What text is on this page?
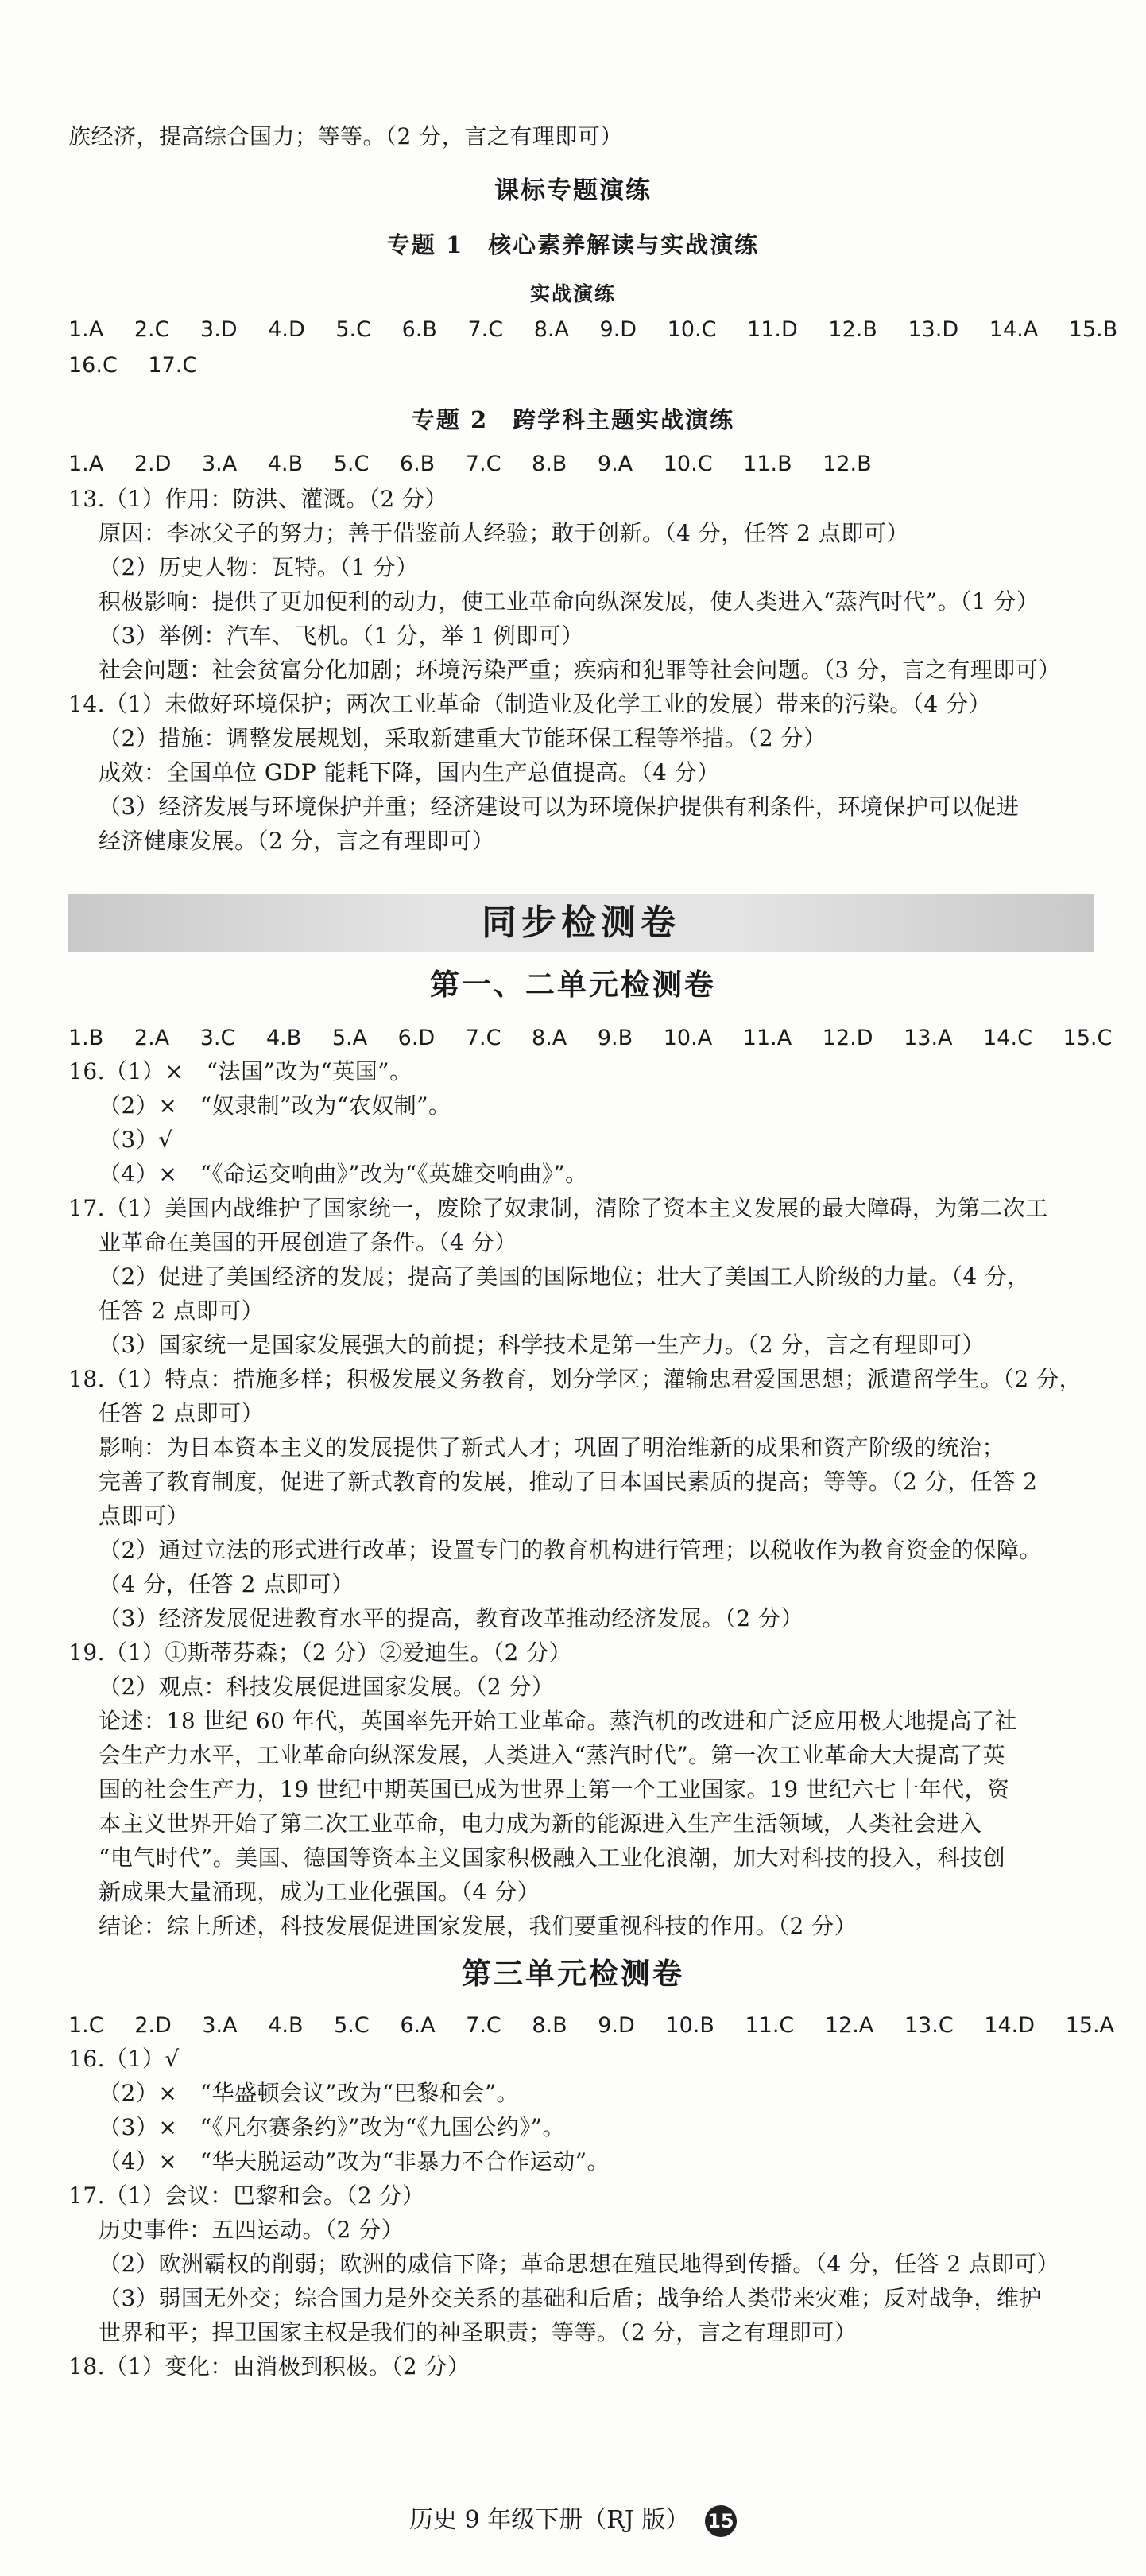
族经济，提高综合国力；等等。（2 分，言之有理即可）
课标专题演练
专题 1　核心素养解读与实战演练
实战演练
1.A 2.C 3.D 4.D 5.C 6.B 7.C 8.A 9.D 10.C 11.D 12.B 13.D 14.A 15.B
16.C 17.C
专题 2　跨学科主题实战演练
1.A 2.D 3.A 4.B 5.C 6.B 7.C 8.B 9.A 10.C 11.B 12.B
13.（1）作用：防洪、灌溉。（2 分）
原因：李冰父子的努力；善于借鉴前人经验；敢于创新。（4 分，任答 2 点即可）
（2）历史人物：瓦特。（1 分）
积极影响：提供了更加便利的动力，使工业革命向纵深发展，使人类进入“蒸汽时代”。（1 分）
（3）举例：汽车、飞机。（1 分，举 1 例即可）
社会问题：社会贫富分化加剧；环境污染严重；疾病和犯罪等社会问题。（3 分，言之有理即可）
14.（1）未做好环境保护；两次工业革命（制造业及化学工业的发展）带来的污染。（4 分）
（2）措施：调整发展规划，采取新建重大节能环保工程等举措。（2 分）
成效：全国单位 GDP 能耗下降，国内生产总值提高。（4 分）
（3）经济发展与环境保护并重；经济建设可以为环境保护提供有利条件，环境保护可以促进
经济健康发展。（2 分，言之有理即可）
同步检测卷
第一、二单元检测卷
1.B 2.A 3.C 4.B 5.A 6.D 7.C 8.A 9.B 10.A 11.A 12.D 13.A 14.C 15.C
16.（1）×　“法国”改为“英国”。
（2）×　“奴隶制”改为“农奴制”。
（3）√
（4）×　“《命运交响曲》”改为“《英雄交响曲》”。
17.（1）美国内战维护了国家统一，废除了奴隶制，清除了资本主义发展的最大障碍，为第二次工
业革命在美国的开展创造了条件。（4 分）
（2）促进了美国经济的发展；提高了美国的国际地位；壮大了美国工人阶级的力量。（4 分，
任答 2 点即可）
（3）国家统一是国家发展强大的前提；科学技术是第一生产力。（2 分，言之有理即可）
18.（1）特点：措施多样；积极发展义务教育，划分学区；灌输忠君爱国思想；派遣留学生。（2 分，
任答 2 点即可）
影响：为日本资本主义的发展提供了新式人才；巩固了明治维新的成果和资产阶级的统治；
完善了教育制度，促进了新式教育的发展，推动了日本国民素质的提高；等等。（2 分，任答 2
点即可）
（2）通过立法的形式进行改革；设置专门的教育机构进行管理；以税收作为教育资金的保障。
（4 分，任答 2 点即可）
（3）经济发展促进教育水平的提高，教育改革推动经济发展。（2 分）
19.（1）①斯蒂芬森；（2 分）②爱迪生。（2 分）
（2）观点：科技发展促进国家发展。（2 分）
论述：18 世纪 60 年代，英国率先开始工业革命。蒸汽机的改进和广泛应用极大地提高了社
会生产力水平，工业革命向纵深发展，人类进入“蒸汽时代”。第一次工业革命大大提高了英
国的社会生产力，19 世纪中期英国已成为世界上第一个工业国家。19 世纪六七十年代，资
本主义世界开始了第二次工业革命，电力成为新的能源进入生产生活领域，人类社会进入
“电气时代”。美国、德国等资本主义国家积极融入工业化浪潮，加大对科技的投入，科技创
新成果大量涌现，成为工业化强国。（4 分）
结论：综上所述，科技发展促进国家发展，我们要重视科技的作用。（2 分）
第三单元检测卷
1.C 2.D 3.A 4.B 5.C 6.A 7.C 8.B 9.D 10.B 11.C 12.A 13.C 14.D 15.A
16.（1）√
（2）×　“华盛顿会议”改为“巴黎和会”。
（3）×　“《凡尔赛条约》”改为“《九国公约》”。
（4）×　“华夫脱运动”改为“非暴力不合作运动”。
17.（1）会议：巴黎和会。（2 分）
历史事件：五四运动。（2 分）
（2）欧洲霸权的削弱；欧洲的威信下降；革命思想在殖民地得到传播。（4 分，任答 2 点即可）
（3）弱国无外交；综合国力是外交关系的基础和后盾；战争给人类带来灾难；反对战争，维护
世界和平；捍卫国家主权是我们的神圣职责；等等。（2 分，言之有理即可）
18.（1）变化：由消极到积极。（2 分）
历史 9 年级下册（RJ 版） 15
